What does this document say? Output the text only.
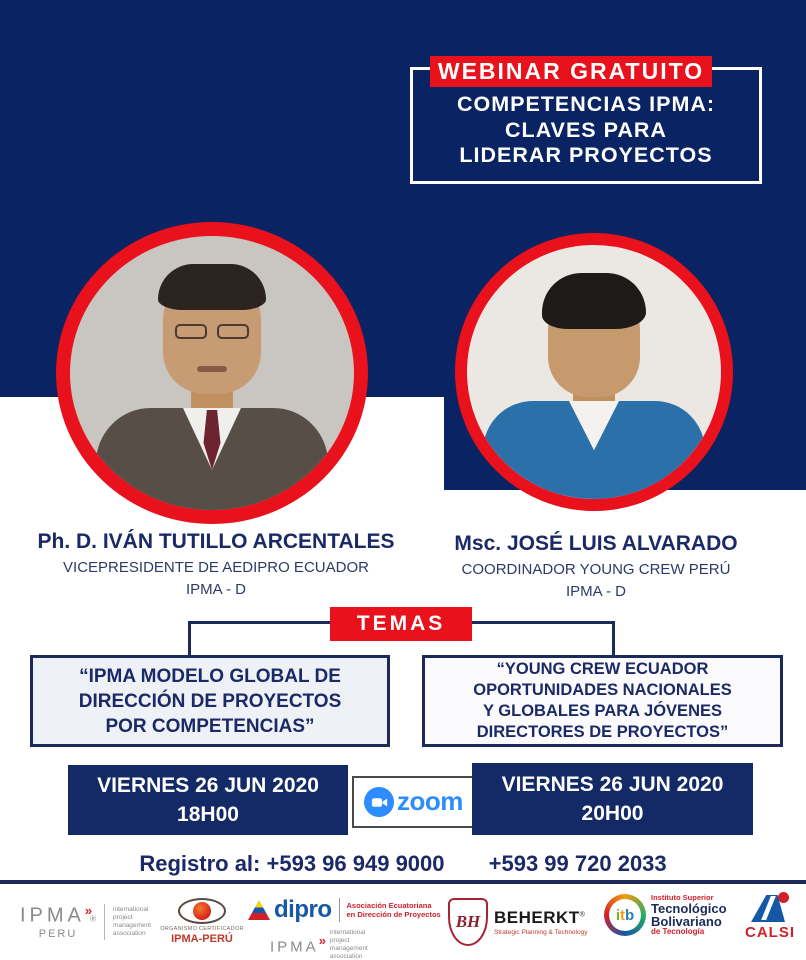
WEBINAR GRATUITO
COMPETENCIAS IPMA:
CLAVES PARA
LIDERAR PROYECTOS
Ph. D. IVÁN TUTILLO ARCENTALES
VICEPRESIDENTE DE AEDIPRO ECUADOR
IPMA - D
Msc. JOSÉ LUIS ALVARADO
COORDINADOR YOUNG CREW PERÚ
IPMA - D
TEMAS
“IPMA MODELO GLOBAL DE
DIRECCIÓN DE PROYECTOS
POR COMPETENCIAS”
“YOUNG CREW ECUADOR
OPORTUNIDADES NACIONALES
Y GLOBALES PARA JÓVENES
DIRECTORES DE PROYECTOS”
VIERNES 26 JUN 2020
18H00	zoom
VIERNES 26 JUN 2020
20H00
Registro al: +593 96 949 9000 +593 99 720 2033
IPMA»®
PERU
international
project
management
association
ORGANISMO CERTIFICADOR
IPMA-PERÚ
dipro Asociación Ecuatoriana
en Dirección de Proyectos
IPMA»
international
project
management
association
BH BEHERKT®
Strategic Planning & Technology
i t b
Instituto Superior
Tecnológico
Bolivariano
de Tecnología	CALSI
